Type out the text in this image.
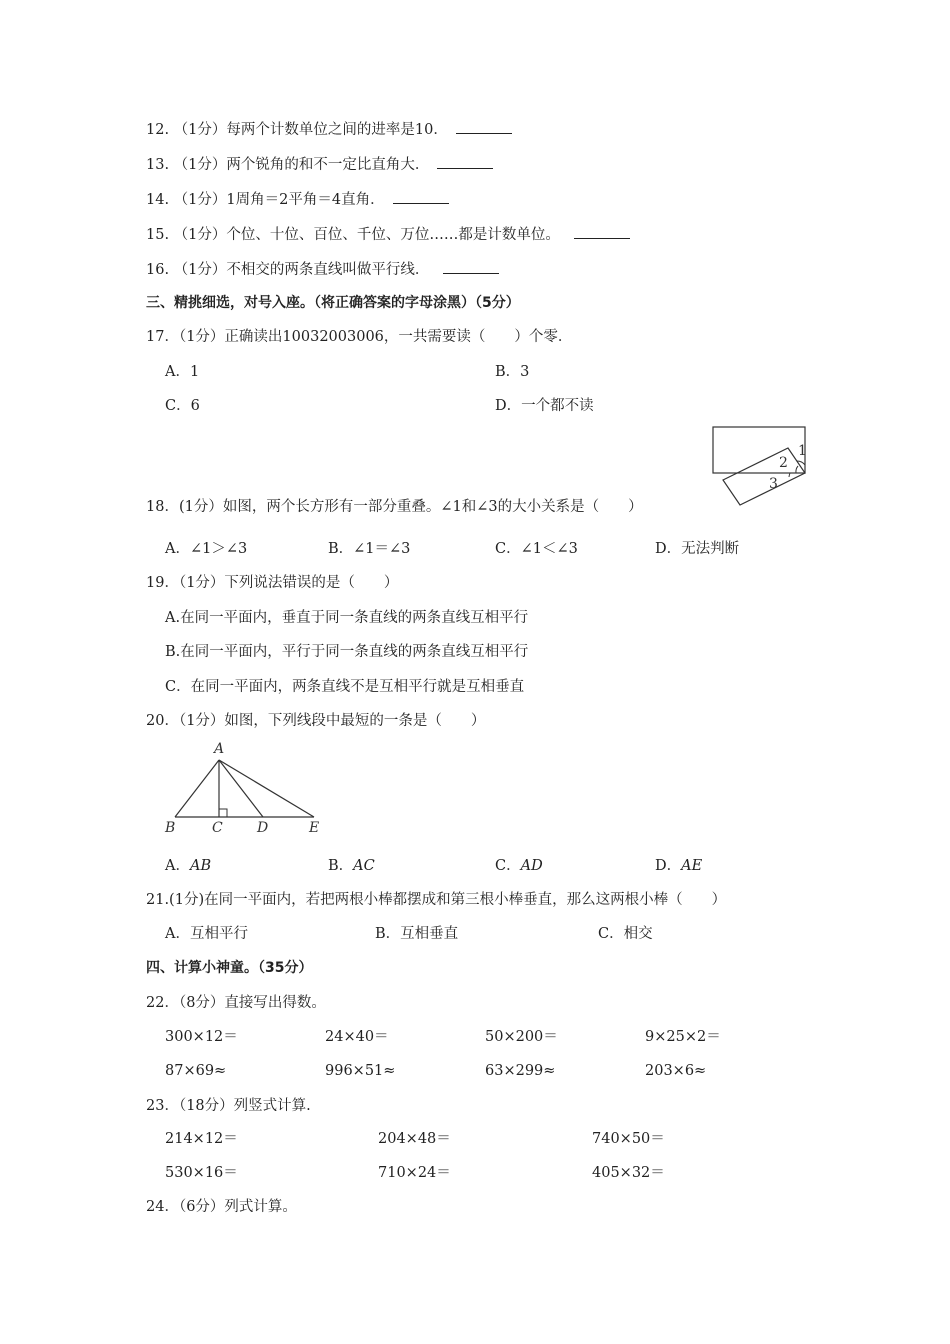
12. （1分）每两个计数单位之间的进率是10．
13. （1分）两个锐角的和不一定比直角大．
14. （1分）1周角＝2平角＝4直角．
15. （1分）个位、十位、百位、千位、万位……都是计数单位。
16. （1分）不相交的两条直线叫做平行线．
三、精挑细选，对号入座。（将正确答案的字母涂黑）（5分）
17．（1分）正确读出10032003006，一共需要读（　　）个零．
A．1	B．3
C．6	D．一个都不读
1
2
3
18．(1分）如图，两个长方形有一部分重叠。∠1和∠3的大小关系是（　　）
A．∠1＞∠3	B．∠1＝∠3	C．∠1＜∠3	D．无法判断
19．（1分）下列说法错误的是（　　）
A.在同一平面内，垂直于同一条直线的两条直线互相平行
B.在同一平面内，平行于同一条直线的两条直线互相平行
C．在同一平面内，两条直线不是互相平行就是互相垂直
20．（1分）如图，下列线段中最短的一条是（　　）
A
B	C D	E
A．AB	B．AC	C．AD	D．AE
21.(1分)在同一平面内，若把两根小棒都摆成和第三根小棒垂直，那么这两根小棒（　　）
A．互相平行	B．互相垂直	C．相交
四、计算小神童。（35分）
22．（8分）直接写出得数。
300×12＝	24×40＝	50×200＝	9×25×2＝
87×69≈	996×51≈	63×299≈	203×6≈
23．（18分）列竖式计算.
214×12＝	204×48＝	740×50＝
530×16＝	710×24＝	405×32＝
24．（6分）列式计算。
